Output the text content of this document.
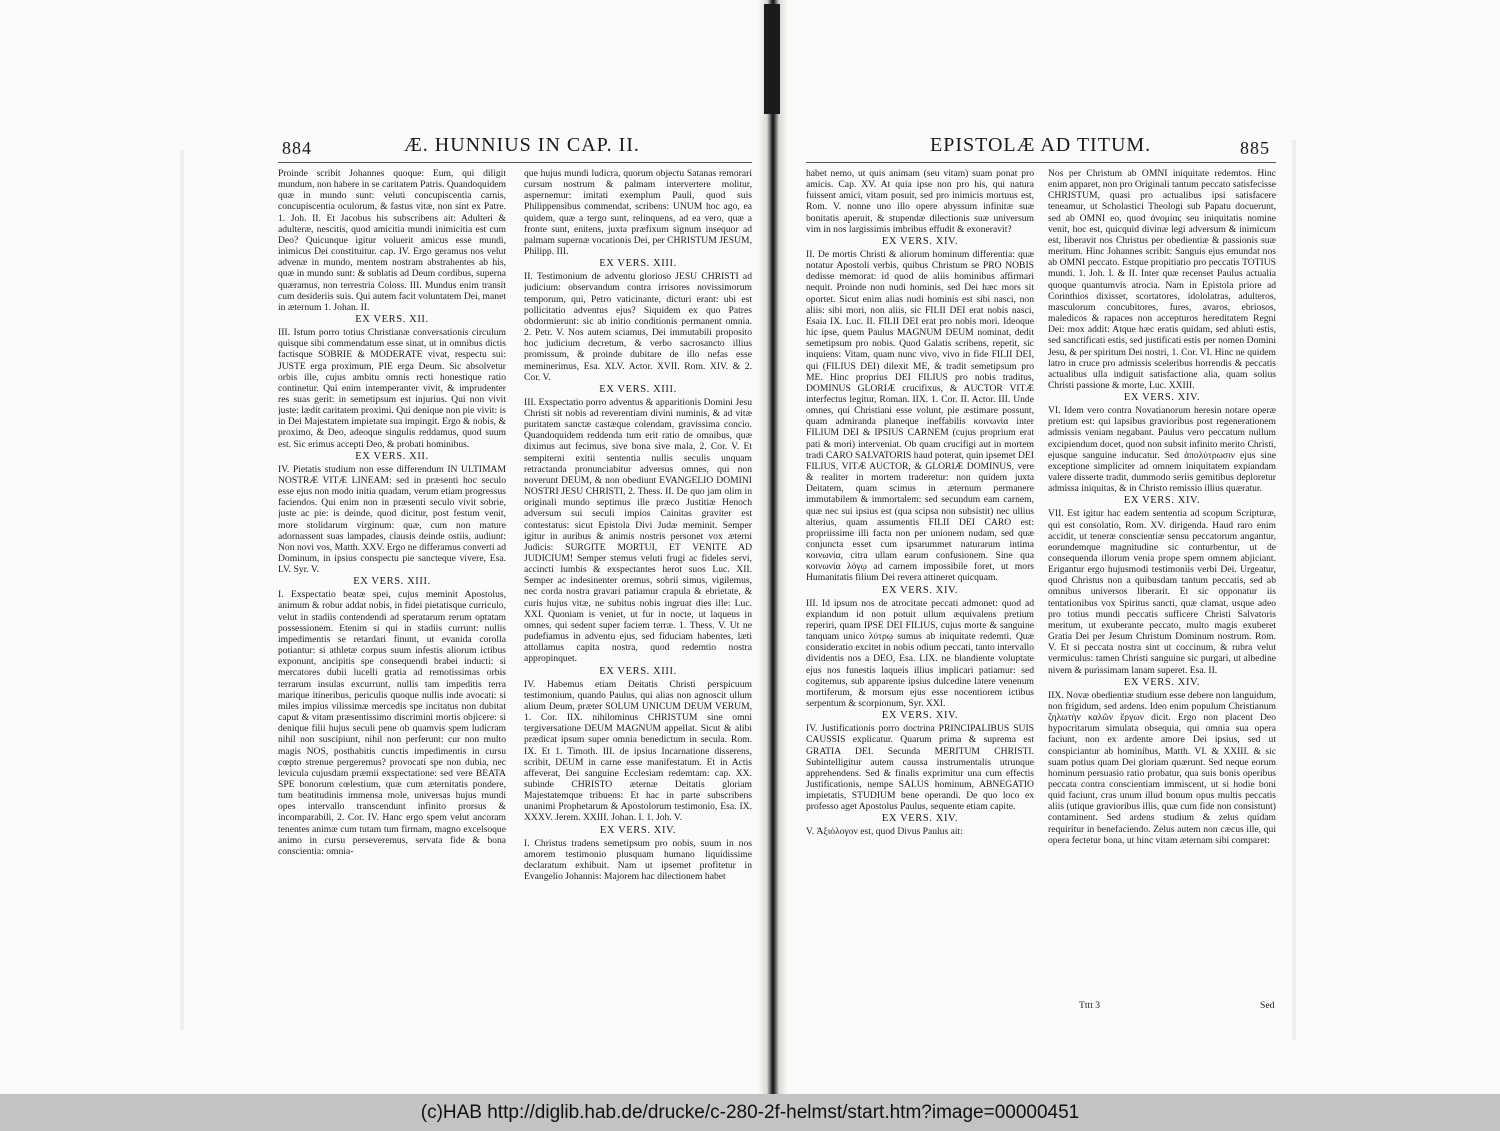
884	Æ. HUNNIUS IN CAP. II.

Proinde scribit Johannes quoque: Eum, qui diligit mundum, non habere in se caritatem Patris. Quandoquidem quæ in mundo sunt: veluti concupiscentia carnis, concupiscentia oculorum, & fastus vitæ, non sint ex Patre. 1. Joh. II. Et Jacobus his subscribens ait: Adulteri & adulteræ, nescitis, quod amicitia mundi inimicitia est cum Deo? Quicunque igitur voluerit amicus esse mundi, inimicus Dei constituitur. cap. IV. Ergo geramus nos velut advenæ in mundo, mentem nostram abstrahentes ab his, quæ in mundo sunt: & sublatis ad Deum cordibus, superna quæramus, non terrestria Coloss. III. Mundus enim transit cum desideriis suis. Qui autem facit voluntatem Dei, manet in æternum 1. Johan. II.

EX VERS. XII.

III. Istum porro totius Christianæ conversationis circulum quisque sibi commendatum esse sinat, ut in omnibus dictis factisque SOBRIE & MODERATE vivat, respectu sui: JUSTE erga proximum, PIE erga Deum. Sic absolvetur orbis ille, cujus ambitu omnis recti honestique ratio continetur. Qui enim intemperanter vivit, & imprudenter res suas gerit: in semetipsum est injurius. Qui non vivit juste: lædit caritatem proximi. Qui denique non pie vivit: is in Dei Majestatem impietate sua impingit. Ergo & nobis, & proximo, & Deo, adeoque singulis reddamus, quod suum est. Sic erimus accepti Deo, & probati hominibus.

EX VERS. XII.

IV. Pietatis studium non esse differendum IN ULTIMAM NOSTRÆ VITÆ LINEAM: sed in præsenti hoc seculo esse ejus non modo initia quadam, verum etiam progressus faciendos. Qui enim non in præsenti seculo vivit sobrie, juste ac pie: is deinde, quod dicitur, post festum venit, more stolidarum virginum: quæ, cum non mature adornassent suas lampades, clausis deinde ostiis, audiunt: Non novi vos, Matth. XXV. Ergo ne differamus converti ad Dominum, in ipsius conspectu pie sancteque vivere, Esa. LV. Syr. V.

EX VERS. XIII.

I. Exspectatio beatæ spei, cujus meminit Apostolus, animum & robur addat nobis, in fidei pietatisque curriculo, velut in stadiis contendendi ad speratarum rerum optatam possessionem. Etenim si qui in stadiis currunt: nullis impedimentis se retardari finunt, ut evanida corolla potiantur: si athletæ corpus suum infestis aliorum ictibus exponunt, ancipitis spe consequendi brabei inducti: si mercatores dubii lucelli gratia ad remotissimas orbis terrarum insulas excurrunt, nullis tam impeditis terra marique itineribus, periculis quoque nullis inde avocati: si miles impius vilissimæ mercedis spe incitatus non dubitat caput & vitam præsentissimo discrimini mortis objicere: si denique filii hujus seculi pene ob quamvis spem ludicram nihil non suscipiunt, nihil non perferunt: cur non multo magis NOS, posthabitis cunctis impedimentis in cursu cœpto strenue pergeremus? provocati spe non dubia, nec levicula cujusdam præmii exspectatione: sed vere BEATA SPE bonorum cœlestium, quæ cum æternitatis pondere, tum beatitudinis immensa mole, universas hujus mundi opes intervallo transcendunt infinito prorsus & incomparabili, 2. Cor. IV. Hanc ergo spem velut ancoram tenentes animæ cum tutam tum firmam, magno excelsoque animo in cursu perseveremus, servata fide & bona conscientia: omnia-

que hujus mundi ludicra, quorum objectu Satanas remorari cursum nostrum & palmam intervertere molitur, aspernemur: imitati exemplum Pauli, quod suis Philippensibus commendat, scribens: UNUM hoc ago, ea quidem, quæ a tergo sunt, relinquens, ad ea vero, quæ a fronte sunt, enitens, juxta præfixum signum insequor ad palmam supernæ vocationis Dei, per CHRISTUM JESUM, Philipp. III.

EX VERS. XIII.

II. Testimonium de adventu glorioso JESU CHRISTI ad judicium: observandum contra irrisores novissimorum temporum, qui, Petro vaticinante, dicturi erant: ubi est pollicitatio adventus ejus? Siquidem ex quo Patres obdormierunt: sic ab initio conditionis permanent omnia. 2. Petr. V. Nos autem sciamus, Dei immutabili proposito hoc judicium decretum, & verbo sacrosancto illius promissum, & proinde dubitare de illo nefas esse meminerimus, Esa. XLV. Actor. XVII. Rom. XIV. & 2. Cor. V.

EX VERS. XIII.

III. Exspectatio porro adventus & apparitionis Domini Jesu Christi sit nobis ad reverentiam divini numinis, & ad vitæ puritatem sanctæ castæque colendam, gravissima concio. Quandoquidem reddenda tum erit ratio de omnibus, quæ diximus aut fecimus, sive bona sive mala, 2. Cor. V. Et sempiterni exitii sententia nullis seculis unquam retractanda pronunciabitur adversus omnes, qui non noverunt DEUM, & non obediunt EVANGELIO DOMINI NOSTRI JESU CHRISTI, 2. Thess. II. De quo jam olim in originali mundo septimus ille præco Justitiæ Henoch adversum sui seculi impios Cainitas graviter est contestatus: sicut Epistola Divi Judæ meminit. Semper igitur in auribus & animis nostris personet vox æterni Judicis: SURGITE MORTUI, ET VENITE AD JUDICIUM! Semper stemus veluti frugi ac fideles servi, accincti lumbis & exspectantes herot suos Luc. XII. Semper ac indesinenter oremus, sobrii simus, vigilemus, nec corda nostra gravari patiamur crapula & ebrietate, & curis hujus vitæ, ne subitus nobis ingruat dies ille: Luc. XXI. Quoniam is veniet, ut fur in nocte, ut laqueus in omnes, qui sedent super faciem terræ. 1. Thess. V. Ut ne pudefiamus in adventu ejus, sed fiduciam habentes, læti attollamus capita nostra, quod redemtio nostra appropinquet.

EX VERS. XIII.

IV. Habemus etiam Deitatis Christi perspicuum testimonium, quando Paulus, qui alias non agnoscit ullum alium Deum, præter SOLUM UNICUM DEUM VERUM, 1. Cor. IIX. nihilominus CHRISTUM sine omni tergiversatione DEUM MAGNUM appellat. Sicut & alibi prædicat ipsum super omnia benedictum in secula. Rom. IX. Et 1. Timoth. III. de ipsius Incarnatione disserens, scribit, DEUM in carne esse manifestatum. Et in Actis affeverat, Dei sanguine Ecclesiam redemtam: cap. XX. subinde CHRISTO æternæ Deitatis gloriam Majestatemque tribuens: Et hac in parte subscribens unanimi Prophetarum & Apostolorum testimonio, Esa. IX. XXXV. Jerem. XXIII. Johan. I. 1. Joh. V.

EX VERS. XIV.

I. Christus tradens semetipsum pro nobis, suum in nos amorem testimonio plusquam humano liquidissime declaratum exhibuit. Nam ut ipsemet profitetur in Evangelio Johannis: Majorem hac dilectionem habet

EPISTOLÆ AD TITUM.	885

habet nemo, ut quis animam (seu vitam) suam ponat pro amicis. Cap. XV. At quia ipse non pro his, qui natura fuissent amici, vitam posuit, sed pro inimicis mortuus est, Rom. V. nonne uno illo opere abyssum infinitæ suæ bonitatis aperuit, & stupendæ dilectionis suæ universum vim in nos largissimis imbribus effudit & exoneravit?

EX VERS. XIV.

II. De mortis Christi & aliorum hominum differentia: quæ notatur Apostoli verbis, quibus Christum se PRO NOBIS dedisse memorat: id quod de aliis hominibus affirmari nequit. Proinde non nudi hominis, sed Dei hæc mors sit oportet. Sicut enim alias nudi hominis est sibi nasci, non aliis: sibi mori, non aliis, sic FILII DEI erat nobis nasci, Esaia IX. Luc. II. FILII DEI erat pro nobis mori. Ideoque hic ipse, quem Paulus MAGNUM DEUM nominat, dedit semetipsum pro nobis. Quod Galatis scribens, repetit, sic inquiens: Vitam, quam nunc vivo, vivo in fide FILII DEI, qui (FILIUS DEI) dilexit ME, & tradit semetipsum pro ME. Hinc proprius DEI FILIUS pro nobis traditus, DOMINUS GLORIÆ crucifixus, & AUCTOR VITÆ interfectus legitur, Roman. IIX. 1. Cor. II. Actor. III. Unde omnes, qui Christiani esse volunt, pie æstimare possunt, quam admiranda planeque ineffabilis κοινωνία inter FILIUM DEI & IPSIUS CARNEM (cujus proprium erat pati & mori) interveniat. Ob quam crucifigi aut in mortem tradi CARO SALVATORIS haud poterat, quin ipsemet DEI FILIUS, VITÆ AUCTOR, & GLORIÆ DOMINUS, vere & realiter in mortem traderetur: non quidem juxta Deitatem, quam scimus in æternum permanere immutabilem & immortalem: sed secundum eam carnem, quæ nec sui ipsius est (qua scipsa non subsistit) nec ullius alterius, quam assumentis FILII DEI CARO est: propriissime illi facta non per unionem nudam, sed quæ conjuncta esset cum ipsarummet naturarum intima κοινωνία, citra ullam earum confusionem. Sine qua κοινωνία λόγῳ ad carnem impossibile foret, ut mors Humanitatis filium Dei revera attineret quicquam.

EX VERS. XIV.

III. Id ipsum nos de atrocitate peccati admonet: quod ad expiandum id non potuit ullum æquivalens pretium reperiri, quam IPSE DEI FILIUS, cujus morte & sanguine tanquam unico λύτρῳ sumus ab iniquitate redemti. Quæ consideratio excitet in nobis odium peccati, tanto intervallo dividentis nos a DEO, Esa. LIX. ne blandiente voluptate ejus nos funestis laqueis illius implicari patiamur: sed cogitemus, sub apparente ipsius dulcedine latere venenum mortiferum, & morsum ejus esse nocentiorem ictibus serpentum & scorpionum, Syr. XXI.

EX VERS. XIV.

IV. Justificationis porro doctrina PRINCIPALIBUS SUIS CAUSSIS explicatur. Quarum prima & suprema est GRATIA DEI. Secunda MERITUM CHRISTI. Subintelligitur autem caussa instrumentalis utrunque apprehendens. Sed & finalis exprimitur una cum effectis Justificationis, nempe SALUS hominum, ABNEGATIO impietatis, STUDIUM bene operandi. De quo loco ex professo aget Apostolus Paulus, sequente etiam capite.

EX VERS. XIV.

V. Ἀξιόλογον est, quod Divus Paulus ait:

Nos per Christum ab OMNI iniquitate redemtos. Hinc enim apparet, non pro Originali tantum peccato satisfecisse CHRISTUM, quasi pro actualibus ipsi satisfacere teneamur, ut Scholastici Theologi sub Papatu docuerunt, sed ab OMNI eo, quod ἀνομίας seu iniquitatis nomine venit, hoc est, quicquid divinæ legi adversum & inimicum est, liberavit nos Christus per obedientiæ & passionis suæ meritum. Hinc Johannes scribit: Sanguis ejus emundat nos ab OMNI peccato. Estque propitiatio pro peccatis TOTIUS mundi. 1. Joh. I. & II. Inter quæ recenset Paulus actualia quoque quantumvis atrocia. Nam in Epistola priore ad Corinthios dixisset, scortatores, idololatras, adulteros, masculorum concubitores, fures, avaros, ebriosos, maledicos & rapaces non accepturos hereditatem Regni Dei: mox addit: Atque hæc eratis quidam, sed abluti estis, sed sanctificati estis, sed justificati estis per nomen Domini Jesu, & per spiritum Dei nostri, 1. Cor. VI. Hinc ne quidem latro in cruce pro admissis sceleribus horrendis & peccatis actualibus ulla indiguit satisfactione alia, quam solius Christi passione & morte, Luc. XXIII.

EX VERS. XIV.

VI. Idem vero contra Novatianorum heresin notare operæ pretium est: qui lapsibus gravioribus post regenerationem admissis veniam negabant. Paulus vero peccatum nullum excipiendum docet, quod non subsit infinito merito Christi, ejusque sanguine inducatur. Sed ἀπολύτρωσιν ejus sine exceptione simpliciter ad omnem iniquitatem expiandam valere disserte tradit, dummodo seriis gemitibus deploretur admissa iniquitas, & in Christo remissio illius quæratur.

EX VERS. XIV.

VII. Est igitur hac eadem sententia ad scopum Scripturæ, qui est consolatio, Rom. XV. dirigenda. Haud raro enim accidit, ut teneræ conscientiæ sensu peccatorum angantur, eorundemque magnitudine sic conturbentur, ut de consequenda illorum venia prope spem omnem abjiciant. Erigantur ergo hujusmodi testimoniis verbi Dei. Urgeatur, quod Christus non a quibusdam tantum peccatis, sed ab omnibus universos liberarit. Et sic opponatur iis tentationibus vox Spiritus sancti, quæ clamat, usque adeo pro totius mundi peccatis sufficere Christi Salvatoris meritum, ut exuberante peccato, multo magis exuberet Gratia Dei per Jesum Christum Dominum nostrum. Rom. V. Et si peccata nostra sint ut coccinum, & rubra velut vermiculus: tamen Christi sanguine sic purgari, ut albedine nivem & purissimam lanam superet. Esa. II.

EX VERS. XIV.

IIX. Novæ obedientiæ studium esse debere non languidum, non frigidum, sed ardens. Ideo enim populum Christianum ζηλωτὴν καλῶν ἔργων dicit. Ergo non placent Deo hypocritarum simulata obsequia, qui omnia sua opera faciunt, non ex ardente amore Dei ipsius, sed ut conspiciantur ab hominibus, Matth. VI. & XXIII. & sic suam potius quam Dei gloriam quærunt. Sed neque eorum hominum persuasio ratio probatur, qua suis bonis operibus peccata contra conscientiam immiscent, ut si hodie boni quid faciunt, cras unum illud bonum opus multis peccatis aliis (utique gravioribus illis, quæ cum fide non consistunt) contaminent. Sed ardens studium & zelus quidam requiritur in benefaciendo. Zelus autem non cæcus ille, qui opera fectetur bona, ut hinc vitam æternam sibi comparet:

Tttt 3	Sed
(c)HAB http://diglib.hab.de/drucke/c-280-2f-helmst/start.htm?image=00000451
